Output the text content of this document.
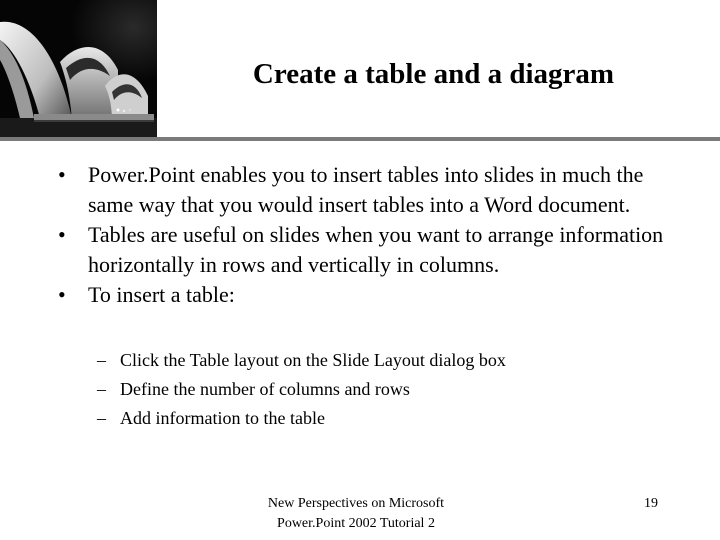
Create a table and a diagram
• Power.Point enables you to insert tables into slides in much the same way that you would insert tables into a Word document.
• Tables are useful on slides when you want to arrange information horizontally in rows and vertically in columns.
• To insert a table:
– Click the Table layout on the Slide Layout dialog box
– Define the number of columns and rows
– Add information to the table
New Perspectives on Microsoft
Power.Point 2002 Tutorial 2
19
